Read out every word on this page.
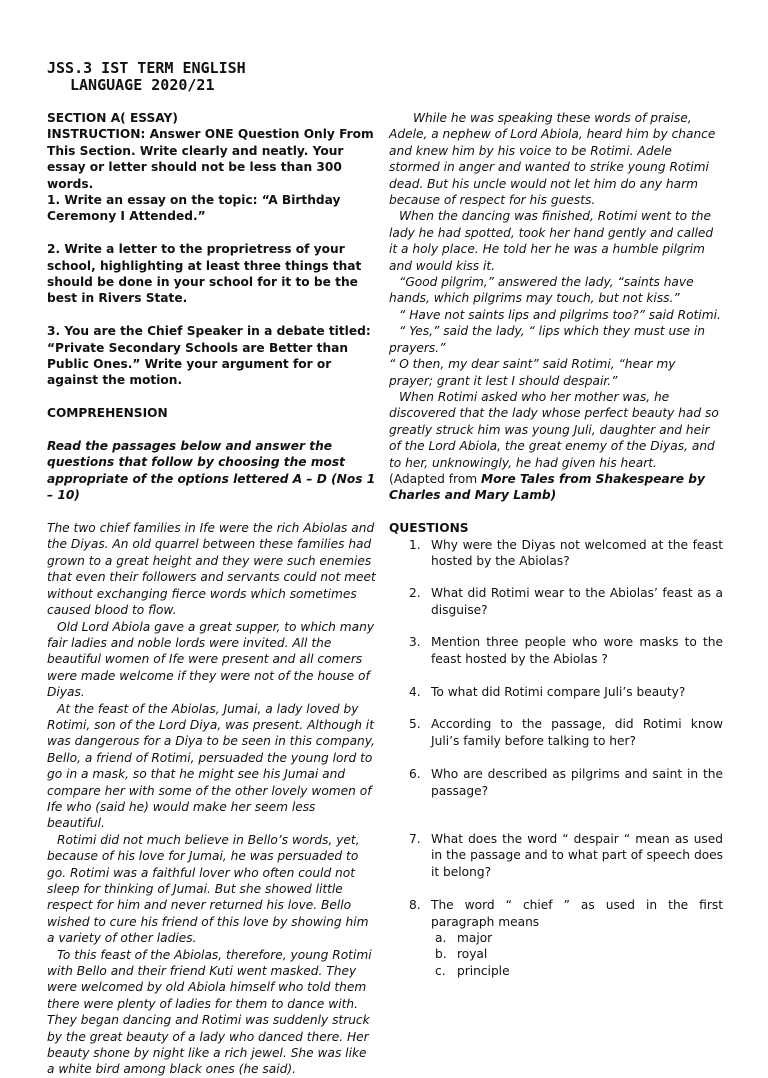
JSS.3 IST TERM ENGLISH
LANGUAGE 2020/21

SECTION A( ESSAY)

INSTRUCTION: Answer ONE Question Only From This Section. Write clearly and neatly. Your essay or letter should not be less than 300 words.

1. Write an essay on the topic: “A Birthday Ceremony I Attended.”

2. Write a letter to the proprietress of your school, highlighting at least three things that should be done in your school for it to be the best in Rivers State.

3. You are the Chief Speaker in a debate titled: “Private Secondary Schools are Better than Public Ones.” Write your argument for or against the motion.

COMPREHENSION

Read the passages below and answer the questions that follow by choosing the most appropriate of the options lettered A – D (Nos 1 – 10)

The two chief families in Ife were the rich Abiolas and the Diyas. An old quarrel between these families had grown to a great height and they were such enemies that even their followers and servants could not meet without exchanging fierce words which sometimes caused blood to flow.

Old Lord Abiola gave a great supper, to which many fair ladies and noble lords were invited. All the beautiful women of Ife were present and all comers were made welcome if they were not of the house of Diyas.

At the feast of the Abiolas, Jumai, a lady loved by Rotimi, son of the Lord Diya, was present. Although it was dangerous for a Diya to be seen in this company, Bello, a friend of Rotimi, persuaded the young lord to go in a mask, so that he might see his Jumai and compare her with some of the other lovely women of Ife who (said he) would make her seem less beautiful.

Rotimi did not much believe in Bello’s words, yet, because of his love for Jumai, he was persuaded to go. Rotimi was a faithful lover who often could not sleep for thinking of Jumai. But she showed little respect for him and never returned his love. Bello wished to cure his friend of this love by showing him a variety of other ladies.

To this feast of the Abiolas, therefore, young Rotimi with Bello and their friend Kuti went masked. They were welcomed by old Abiola himself who told them there were plenty of ladies for them to dance with. They began dancing and Rotimi was suddenly struck by the great beauty of a lady who danced there. Her beauty shone by night like a rich jewel. She was like a white bird among black ones (he said).

While he was speaking these words of praise, Adele, a nephew of Lord Abiola, heard him by chance and knew him by his voice to be Rotimi. Adele stormed in anger and wanted to strike young Rotimi dead. But his uncle would not let him do any harm because of respect for his guests.

When the dancing was finished, Rotimi went to the lady he had spotted, took her hand gently and called it a holy place. He told her he was a humble pilgrim and would kiss it.

“Good pilgrim,” answered the lady, “saints have hands, which pilgrims may touch, but not kiss.”

“ Have not saints lips and pilgrims too?” said Rotimi.

“ Yes,” said the lady, “ lips which they must use in prayers.”

“ O then, my dear saint” said Rotimi, “hear my prayer; grant it lest I should despair.”

When Rotimi asked who her mother was, he discovered that the lady whose perfect beauty had so greatly struck him was young Juli, daughter and heir of the Lord Abiola, the great enemy of the Diyas, and to her, unknowingly, he had given his heart.

(Adapted from More Tales from Shakespeare by Charles and Mary Lamb)

QUESTIONS

1. Why were the Diyas not welcomed at the feast hosted by the Abiolas?
2. What did Rotimi wear to the Abiolas’ feast as a disguise?
3. Mention three people who wore masks to the feast hosted by the Abiolas ?
4. To what did Rotimi compare Juli’s beauty?
5. According to the passage, did Rotimi know Juli’s family before talking to her?
6. Who are described as pilgrims and saint in the passage?
7. What does the word “ despair “ mean as used in the passage and to what part of speech does it belong?
8. The word “ chief ” as used in the first paragraph means
a. major
b. royal
c. principle
